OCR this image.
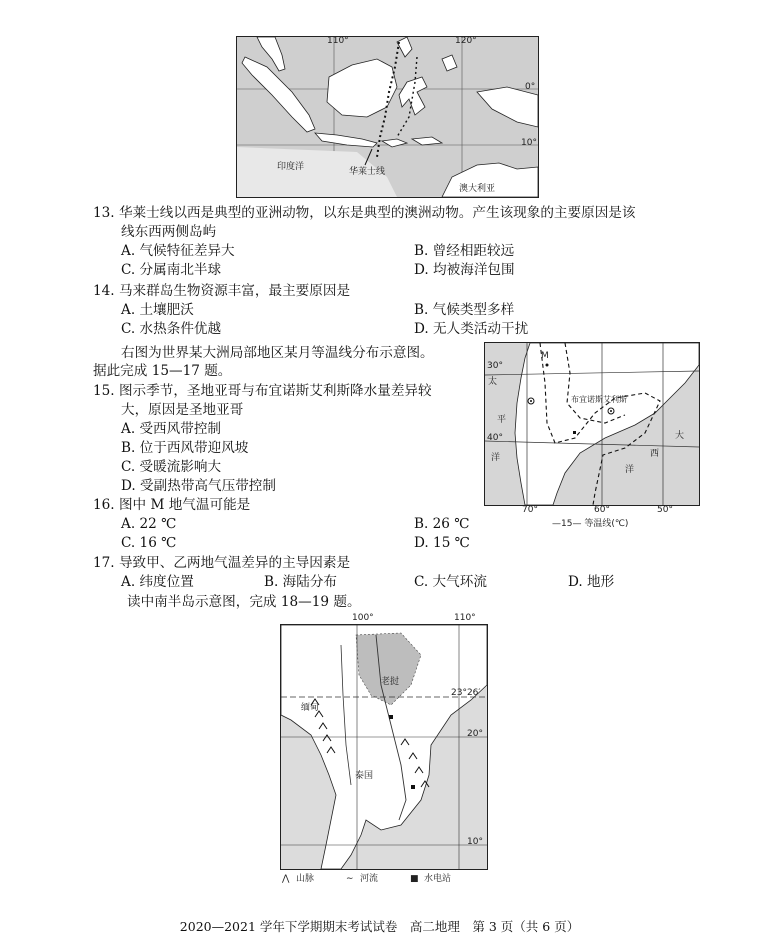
110°	120°
0°
10°
印度洋	华莱士线
澳大利亚
13. 华莱士线以西是典型的亚洲动物，以东是典型的澳洲动物。产生该现象的主要原因是该
线东西两侧岛屿
A. 气候特征差异大	B. 曾经相距较远
C. 分属南北半球	D. 均被海洋包围
14. 马来群岛生物资源丰富，最主要原因是
A. 土壤肥沃	B. 气候类型多样
C. 水热条件优越	D. 无人类活动干扰
右图为世界某大洲局部地区某月等温线分布示意图。
据此完成 15—17 题。
15. 图示季节，圣地亚哥与布宜诺斯艾利斯降水量差异较
大，原因是圣地亚哥
A. 受西风带控制
B. 位于西风带迎风坡
C. 受暖流影响大
D. 受副热带高气压带控制
30°
40°
M
太
平
洋
大
西
洋
布宜诺斯艾利斯
70°	60°	50°
—15— 等温线(℃)
16. 图中 M 地气温可能是
A. 22 ℃	B. 26 ℃
C. 16 ℃	D. 15 ℃
17. 导致甲、乙两地气温差异的主导因素是
A. 纬度位置	B. 海陆分布	C. 大气环流	D. 地形
读中南半岛示意图，完成 18—19 题。
100°	110°
缅甸
泰国
老挝
23°26′
20°
10°
⋀ 山脉	∼ 河流	■ 水电站
2020—2021 学年下学期期末考试试卷　高二地理　第 3 页（共 6 页）
